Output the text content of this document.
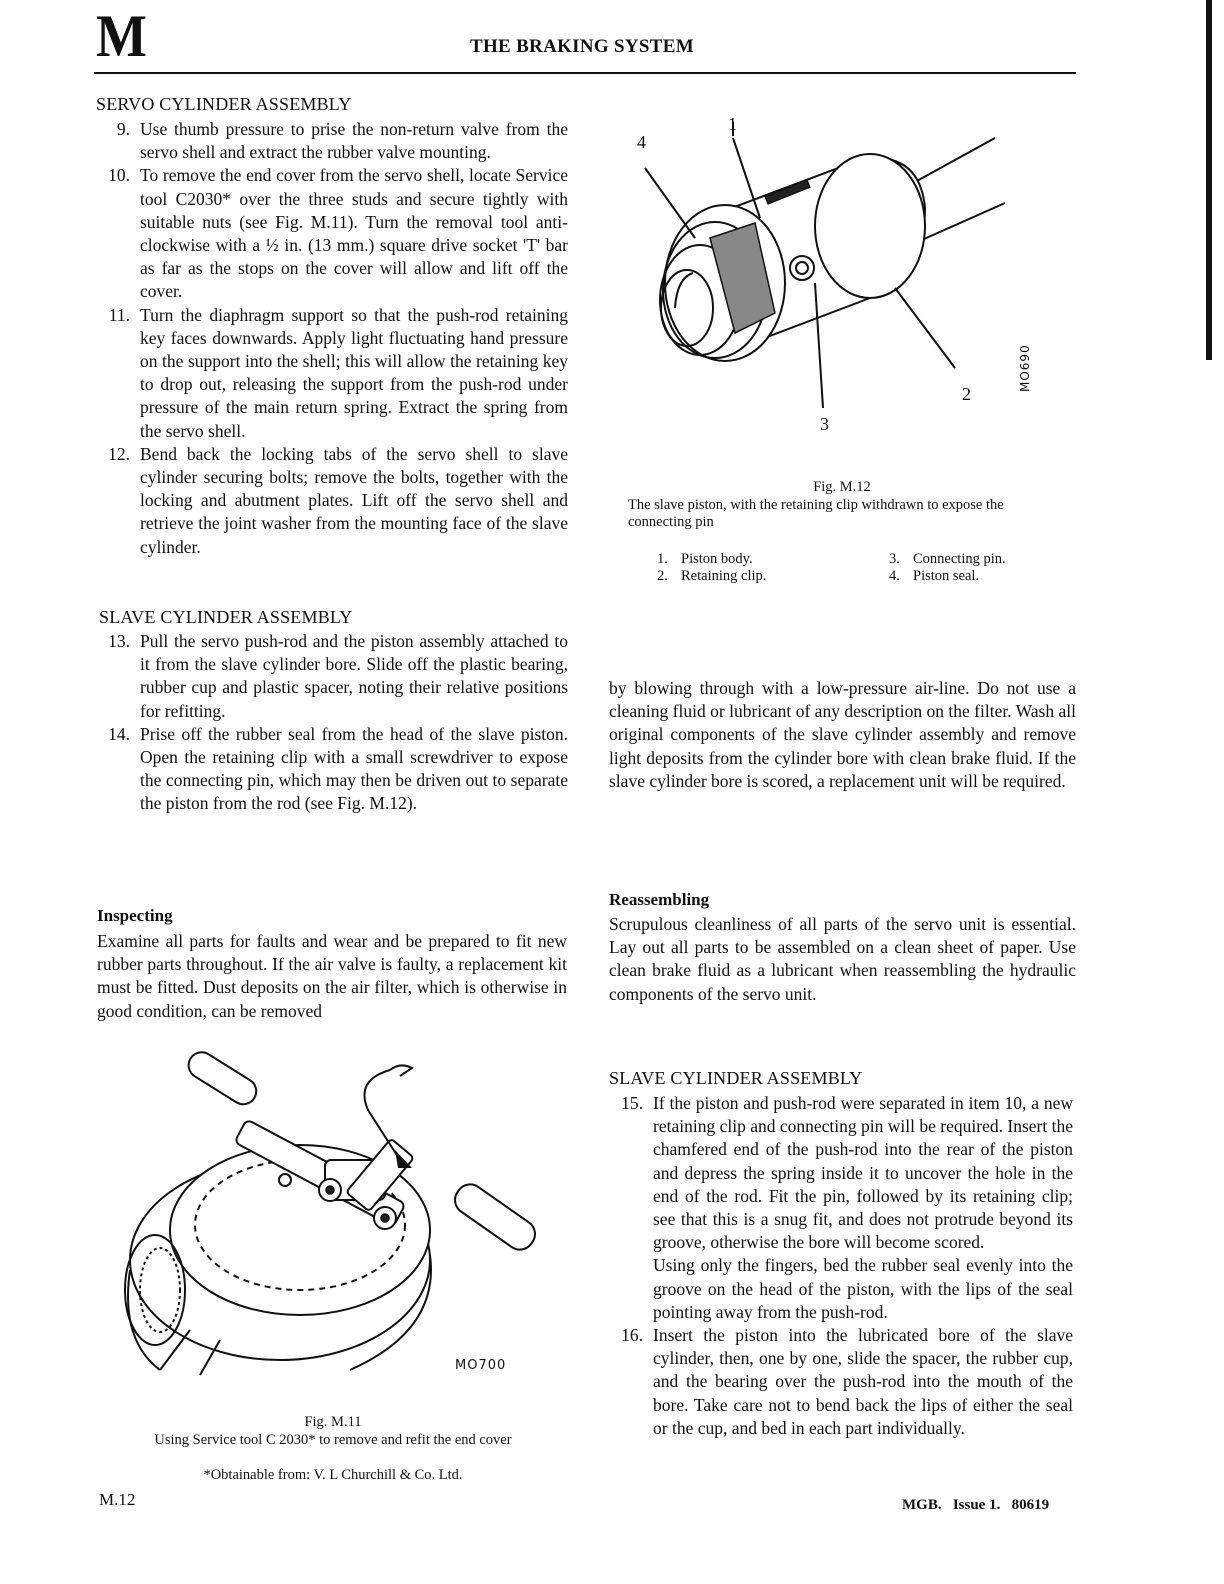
M	THE BRAKING SYSTEM
SERVO CYLINDER ASSEMBLY
9. Use thumb pressure to prise the non-return valve from the servo shell and extract the rubber valve mounting.
10. To remove the end cover from the servo shell, locate Service tool C2030* over the three studs and secure tightly with suitable nuts (see Fig. M.11). Turn the removal tool anti-clockwise with a ½ in. (13 mm.) square drive socket 'T' bar as far as the stops on the cover will allow and lift off the cover.
11. Turn the diaphragm support so that the push-rod retaining key faces downwards. Apply light fluctuating hand pressure on the support into the shell; this will allow the retaining key to drop out, releasing the support from the push-rod under pressure of the main return spring. Extract the spring from the servo shell.
12. Bend back the locking tabs of the servo shell to slave cylinder securing bolts; remove the bolts, together with the locking and abutment plates. Lift off the servo shell and retrieve the joint washer from the mounting face of the slave cylinder.
SLAVE CYLINDER ASSEMBLY
13. Pull the servo push-rod and the piston assembly attached to it from the slave cylinder bore. Slide off the plastic bearing, rubber cup and plastic spacer, noting their relative positions for refitting.
14. Prise off the rubber seal from the head of the slave piston. Open the retaining clip with a small screwdriver to expose the connecting pin, which may then be driven out to separate the piston from the rod (see Fig. M.12).
Inspecting
Examine all parts for faults and wear and be prepared to fit new rubber parts throughout. If the air valve is faulty, a replacement kit must be fitted. Dust deposits on the air filter, which is otherwise in good condition, can be removed
MO700
Fig. M.11
Using Service tool C 2030* to remove and refit the end cover
*Obtainable from: V. L Churchill & Co. Ltd.
M.12
1
2
3
4
MO690
Fig. M.12
The slave piston, with the retaining clip withdrawn to expose the connecting pin
1. Piston body.
2. Retaining clip.
3. Connecting pin.
4. Piston seal.
by blowing through with a low-pressure air-line. Do not use a cleaning fluid or lubricant of any description on the filter. Wash all original components of the slave cylinder assembly and remove light deposits from the cylinder bore with clean brake fluid. If the slave cylinder bore is scored, a replacement unit will be required.
Reassembling
Scrupulous cleanliness of all parts of the servo unit is essential. Lay out all parts to be assembled on a clean sheet of paper. Use clean brake fluid as a lubricant when reassembling the hydraulic components of the servo unit.
SLAVE CYLINDER ASSEMBLY
15. If the piston and push-rod were separated in item 10, a new retaining clip and connecting pin will be required. Insert the chamfered end of the push-rod into the rear of the piston and depress the spring inside it to uncover the hole in the end of the rod. Fit the pin, followed by its retaining clip; see that this is a snug fit, and does not protrude beyond its groove, otherwise the bore will become scored.
Using only the fingers, bed the rubber seal evenly into the groove on the head of the piston, with the lips of the seal pointing away from the push-rod.
16. Insert the piston into the lubricated bore of the slave cylinder, then, one by one, slide the spacer, the rubber cup, and the bearing over the push-rod into the mouth of the bore. Take care not to bend back the lips of either the seal or the cup, and bed in each part individually.
MGB.   Issue 1.   80619
